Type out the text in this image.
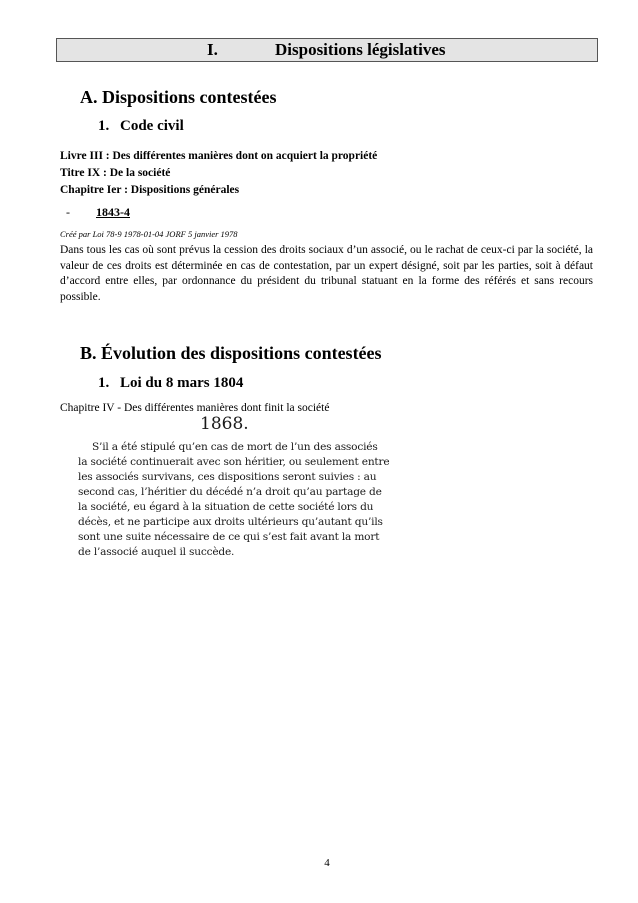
I.	Dispositions législatives
A. Dispositions contestées
1. Code civil
Livre III : Des différentes manières dont on acquiert la propriété
Titre IX : De la société
Chapitre Ier : Dispositions générales
- 1843-4
Créé par Loi 78-9 1978-01-04 JORF 5 janvier 1978

Dans tous les cas où sont prévus la cession des droits sociaux d’un associé, ou le rachat de ceux-ci par la société, la valeur de ces droits est déterminée en cas de contestation, par un expert désigné, soit par les parties, soit à défaut d’accord entre elles, par ordonnance du président du tribunal statuant en la forme des référés et sans recours possible.

B. Évolution des dispositions contestées
1. Loi du 8 mars 1804
Chapitre IV - Des différentes manières dont finit la société
1868.
S’il a été stipulé qu’en cas de mort de l’un des associés
la société continuerait avec son héritier, ou seulement entre
les associés survivans, ces dispositions seront suivies : au
second cas, l’héritier du décédé n’a droit qu’au partage de
la société, eu égard à la situation de cette société lors du
décès, et ne participe aux droits ultérieurs qu’autant qu’ils
sont une suite nécessaire de ce qui s’est fait avant la mort
de l’associé auquel il succède.
4
